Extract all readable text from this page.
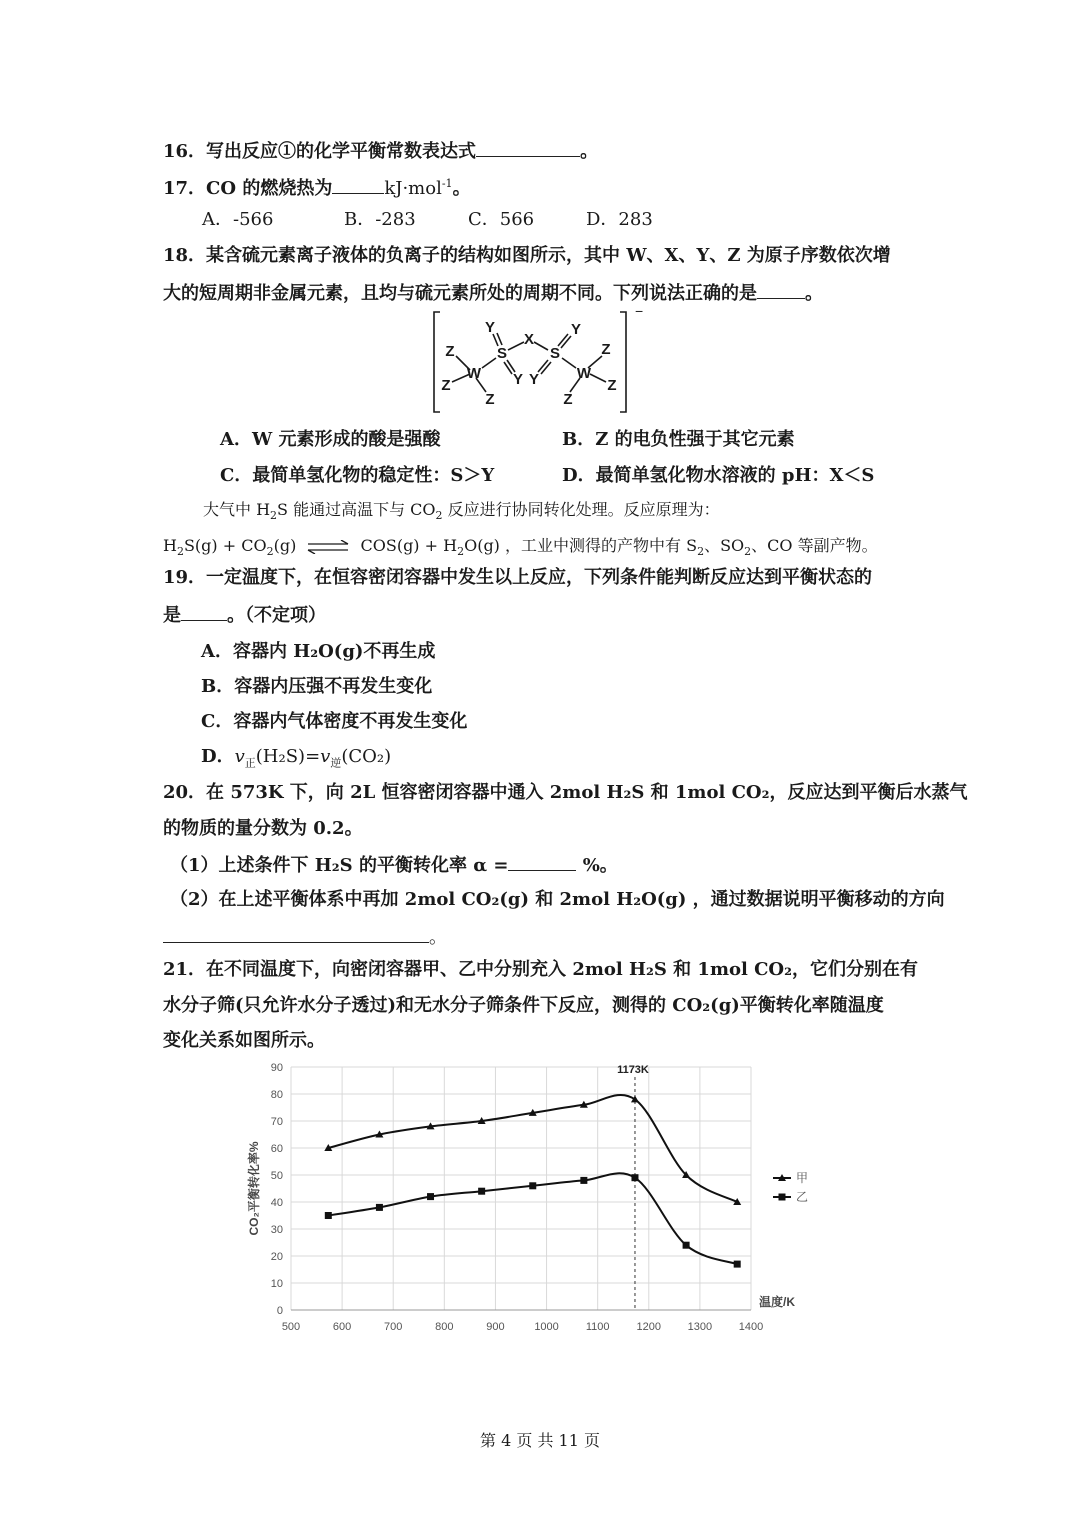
16．写出反应①的化学平衡常数表达式	。
17．CO 的燃烧热为	kJ·mol$^{-1}$。
A．-566	B．-283	C．566	D．283
18．某含硫元素离子液体的负离子的结构如图所示，其中 W、X、Y、Z 为原子序数依次增
大的短周期非金属元素，且均与硫元素所处的周期不同。下列说法正确的是	。
Z
Z
W
Z
Y
S
Y
X
S
Y
Y
W
Z
Z
Z
−
A．W 元素形成的酸是强酸	B．Z 的电负性强于其它元素
C．最简单氢化物的稳定性：S＞Y	D．最简单氢化物水溶液的 pH：X＜S
大气中 $H_2S$ 能通过高温下与 $CO_2$ 反应进行协同转化处理。反应原理为：
$H_2S(g) + CO_2(g)$ ⇌ $COS(g) + H_2O(g)$ ，工业中测得的产物中有 $S_2$、$SO_2$、CO 等副产物。
19．一定温度下，在恒容密闭容器中发生以上反应，下列条件能判断反应达到平衡状态的
是	。（不定项）
A．容器内 H₂O(g)不再生成
B．容器内压强不再发生变化
C．容器内气体密度不再发生变化
D．$v_正(H_2S)=v_逆(CO_2)$
20．在 573K 下，向 2L 恒容密闭容器中通入 2mol H₂S 和 1mol CO₂，反应达到平衡后水蒸气
的物质的量分数为 0.2。
（1）上述条件下 H₂S 的平衡转化率 α =	%。
（2）在上述平衡体系中再加 2mol CO₂(g) 和 2mol H₂O(g) ，通过数据说明平衡移动的方向
。
21．在不同温度下，向密闭容器甲、乙中分别充入 2mol H₂S 和 1mol CO₂，它们分别在有
水分子筛(只允许水分子透过)和无水分子筛条件下反应，测得的 CO₂(g)平衡转化率随温度
变化关系如图所示。
0
10
20
30
40
50
60
70
80
90
500	600	700	800	900	1000 1100 1200 1300 1400
CO₂平衡转化率%
温度/K
1173K
甲
乙
第 4 页 共 11 页
